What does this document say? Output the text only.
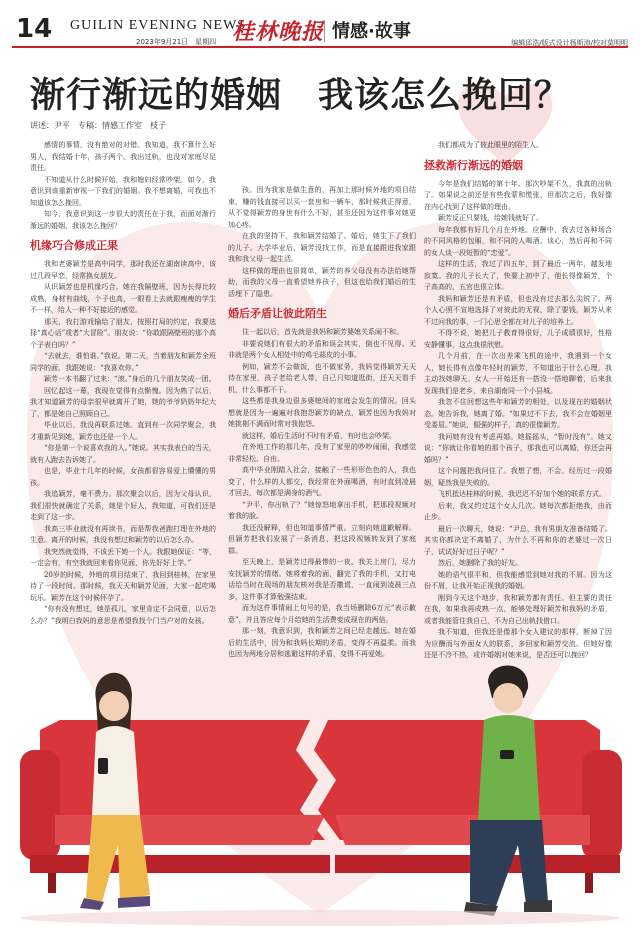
14 GUILIN EVENING NEWS
2023年9月21日　星期四 桂林晚报 情感·故事
编辑邱浩/版式设计杨斯沛/校对莫明明
渐行渐远的婚姻　我该怎么挽回？
讲述：尹平　专稿：情感工作室　枝子

感情的事情，没有绝对的对错。我知道，我不算什么好男人，我结婚十年，孩子两个。我出过轨，也没对家庭尽足责任。

不知道从什么时候开始，我和媳妇经常吵架。如今，我意识到该重新审视一下我们的婚姻。我不想离婚，可我也不知道该怎么挽回。

知今，我意识到这一步很大的责任在于我，而面对渐行渐远的婚姻，我该怎么挽回？

机缘巧合修成正果

我和老婆颖芳是高中同学，那时我还在湖南读高中，该过几段早恋，经常换女朋友。

从识颖芳也是机缘巧合。她在我隔壁班，因为长得比较成熟，身材有曲线，个子也高，一眼看上去就跟瘦瘦的学生不一样，给人一种不好接近的感觉。

那天，我打游戏输给了朋友，按照打局的约定，我要选择“真心话”或者“大冒险”。朋友说：“你敢跟隔壁班的那个高个子表白吗？”

“去就去，谁怕谁。”我说。第二天，当着朋友和颖芳全班同学的面，我跟她说：“我喜欢你。”

颖芳一本书翻了过来：“滚。”身后的几个朋友笑成一团。

回忆起这一幕，我现在觉得有点惭愧。因为熟了以后，我才知道颖芳的母亲很早就离开了她，她的爷爷奶奶年纪大了，都是她自己照顾自己。

毕业以后，我没再联系过她。直到有一次同学聚会，我才重新见到她，颖芳也还是一个人。

“你是第一个说喜欢我的人。”她说。其实我表白的当天，就有人跑去告诉她了。

也是，毕业十几年的时候，女孩都很容易爱上懵懂的男孩。

我追颖芳，毫不费力。那次聚会以后，因为父母认识，我们很快就确定了关系，她是个好人，我知道，可我们还是走到了这一步。

我高三毕业就没有再读书，而是帮我爸跑打理在外地的生意。离开的时候，我没有想过和颖芳的以后怎么办。

我突然就觉得，不该丢下她一个人。我跟她保证：“等，一定会有，有空我就回来看你见面，你先好好上学。”

20岁的时候，外地的项目结束了，我回到桂林，在家里待了一段时间。那时候，我天天和颖芳见面，大家一起吃喝玩乐。颖芳在这个时候怀孕了。

“你有没有想过，她是孤儿，家里肯定不会同意，以后怎么办？”我明白我妈的意思是希望我找个门当户对的女孩。

孩。因为我家是做生意的，再加上那时候外地的项目结束，赚的钱直接可以买一套房和一辆车，那时候我正得意，从不觉得颖芳的身世有什么不好，甚至还因为这件事对她更加心疼。

在我的坚持下，我和颖芳结婚了。婚后，她生下了我们的儿子。大学毕业后，颖芳没找工作，而是直接跟进我家跟我和我父母一起生活。

这样做的理由也很简单，颖芳的养父母没有办法给她帮助，而我的父母一直希望她养孩子，但这也给我们婚后的生活埋下了隐患。

婚后矛盾让彼此陌生

住一起以后，首先就是我妈和颖芳婆媳关系闹不和。

非要说她们有很大的矛盾和误会其实，倒也不见得。无非就是两个女人相处中的鸡毛蒜皮的小事。

例如，颖芳不会做饭，也不做家务，我妈觉得颖芳天天待在家里，孩子老给老人带，自己只知道逛街，还天天看手机，什么事都不干。

这些都是我身边很多婆媳间的家庭会发生的情况。回头想就是因为一遍遍对我抱怨颖芳的缺点，颖芳也因为我妈对她挑剔不满而时常对我抱怨。

就这样，婚后生活时不时有矛盾，有时也会吵架。

在外地工作的那几年，没有了家里的吵吵闹闹，我感觉非常轻松、自由。

高中毕业刚踏入社会，接触了一些形形色色的人，我也变了，什么样的人都交，我经常在外面喝酒，有时直到凌晨才回去，每次都是满身的酒气。

“尹平，你出轨了？”她惊怒地拿出手机，把那段视频对着我的脸。

我还没解释，但也知道事情严重。立刻向她道歉解释。但颖芳把我们发展了一条消息，把这段视频转发到了家庭群。

至天晚上，是颖芳过得最惨的一夜。我关上房门，尽力安抚颖芳的情绪。她将着我的面，翻完了我的手机，又打电话给当时在现场的朋友核对我是否撒谎，一直闹到凌晨三点多，这件事才算勉强结束。

而为这件事情闹上句号的是，我当场删除6万元“表示歉意”，并且答应每个月给她的生活费变成现在的两倍。

那一刻，我意识到，我和颖芳之间已经走越远。她在婚后的生活中，因为和我妈长期的矛盾，变得不再温柔。而我也因为两地分居和逃避这样的矛盾，变得不再爱她。

我们都成为了彼此眼里的陌生人。

拯救渐行渐远的婚姻

今年是我们结婚的第十年。那次吵架不久，我真的出轨了。如果说之前还是有些我蒙和慌张，但那次之后，我好像在内心找到了这样做的理由。

颖芳反正只要钱，给她钱就好了。

每年我都有好几个月在外地。应酬中，我去过各种场合的不同风格的包厢，和不同的人喝酒、谈心，然后再和不同的女人谈一段短暂的“恋爱”。

这样的生活，我过了四五年，到了最近一两年，越发地寂寞。我的儿子长大了，快要上初中了，他长得像颖芳，个子高高的，五官也很立体。

我妈和颖芳还是有矛盾，但也没有过去那么尖锐了。两个人心照不宣地选择了对彼此的无视，除了要钱，颖芳从来不过问我的事，一门心思全都在对儿子的培养上。

不得不说，她把儿子教育得很好，儿子成绩很好，性格安静懂事，这点我很欣慰。

几个月前，在一次出差乘飞机的途中，我遇到一个女人，她长得有点像年轻时的颖芳，不知道出于什么心理，我主动找她聊天。女人一开始还有一搭没一搭地聊着，后来我发现我们是老乡，来自湖南同一个小县城。

我忽不住回想这些年和颖芳的相处，以及现在的婚姻状态。她告诉我，她离了婚。“如果过不下去，我不会在婚姻里受委屈。”她说，倔强的样子，真的很像颖芳。

我问她有没有考虑再婚。她摇摇头，“暂时没有”。她又说：“你就让你看她的那个孩子，那我也可以离婚，你还会再婚吗？”

这个问题把我问住了。我想了想，不会。经历过一段婚姻，疑然我是失败的。

飞机抵达桂林的时候，我迟迟不好加个她的联系方式。

后来，我又约过这个女人几次。她每次都拒绝我，由而止步。

最后一次聊天，她说：“尹总，我有男朋友准备结婚了。其实你都决定不离婚了，为什么不再和你的老婆过一次日子，试试好好过日子呢？”

然后，她删除了我的好友。

她的语气很平和，但我能感觉到她对我的不屑。因为这份不屑，让我开始正视我的婚姻。

刚到今天这个地步，我和颖芳都有责任。但主要的责任在我，如果我再成熟一点，能够处理好颖芳和我妈的矛盾，或者我能管住我自己，不为自己出轨找借口。

我不知道，但我还是像那个女人建议的那样，断掉了因为应酬而与外面女人的联系，多回家和颖芳交流。但她好像还是不冷不热，或许婚姻对她来说，是否还可以挽回？
